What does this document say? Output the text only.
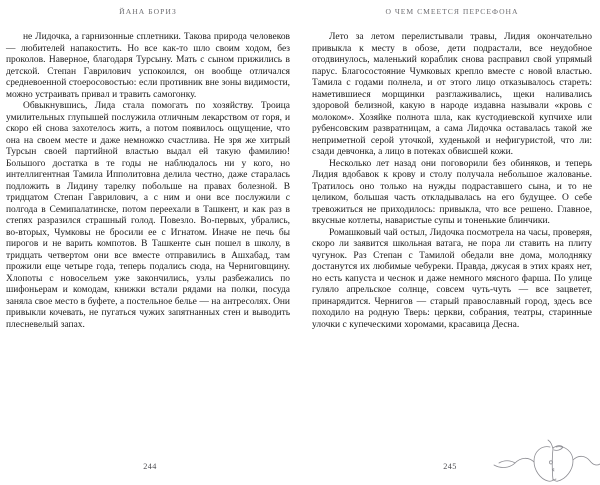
ЙАНА БОРИЗ

не Лидочка, а гарнизонные сплетники. Такова природа человеков — любителей напакостить. Но все как-то шло своим ходом, без проколов. Наверное, благодаря Турсыну. Мать с сыном прижились в детской. Степан Гаврилович успокоился, он вообще отличался средневоенной стоеросовостью: если противник вне зоны видимости, можно устраивать привал и травить самогонку.

Обвыкнувшись, Лида стала помогать по хозяйству. Троица умилительных глупышей послужила отличным лекарством от горя, и скоро ей снова захотелось жить, а потом появилось ощущение, что она на своем месте и даже немножко счастлива. Не зря же хитрый Турсын своей партийной властью выдал ей такую фамилию! Большого достатка в те годы не наблюдалось ни у кого, но интеллигентная Тамила Ипполитовна делила честно, даже старалась подложить в Лидину тарелку побольше на правах болезной. В тридцатом Степан Гаврилович, а с ним и они все послужили с полгода в Семипалатинске, потом переехали в Ташкент, и как раз в степях разразился страшный голод. Повезло. Во-первых, убрались, во-вторых, Чумковы не бросили ее с Игнатом. Иначе не печь бы пирогов и не варить компотов. В Ташкенте сын пошел в школу, в тридцать четвертом они все вместе отправились в Ашхабад, там прожили еще четыре года, теперь подались сюда, на Черниговщину. Хлопоты с новосельем уже закончились, узлы разбежались по шифоньерам и комодам, книжки встали рядами на полки, посуда заняла свое место в буфете, а постельное белье — на антресолях. Они привыкли кочевать, не пугаться чужих запятнанных стен и выводить плесневелый запах.

244
О ЧЕМ СМЕЕТСЯ ПЕРСЕФОНА

Лето за летом перелистывали травы, Лидия окончательно привыкла к месту в обозе, дети подрастали, все неудобное отодвинулось, маленький кораблик снова расправил свой упрямый парус. Благосостояние Чумковых крепло вместе с новой властью. Тамила с годами полнела, и от этого лицо отказывалось стареть: наметившиеся морщинки разглаживались, щеки наливались здоровой белизной, какую в народе издавна называли «кровь с молоком». Хозяйке полнота шла, как кустодиевской купчихе или рубенсовским развратницам, а сама Лидочка оставалась такой же неприметной серой уточкой, худенькой и нефигуристой, что ли: сзади девчонка, а лицо в потеках обвисшей кожи.

Несколько лет назад они поговорили без обиняков, и теперь Лидия вдобавок к крову и столу получала небольшое жалованье. Тратилось оно только на нужды подраставшего сына, и то не целиком, большая часть откладывалась на его будущее. О себе тревожиться не приходилось: привыкла, что все решено. Главное, вкусные котлеты, наваристые супы и тоненькие блинчики.

Ромашковый чай остыл, Лидочка посмотрела на часы, проверяя, скоро ли заявится школьная ватага, не пора ли ставить на плиту чугунок. Раз Степан с Тамилой обедали вне дома, молодняку достанутся их любимые чебуреки. Правда, джусая в этих краях нет, но есть капуста и чеснок и даже немного мясного фарша. По улице гуляло апрельское солнце, совсем чуть-чуть — все зацветет, принарядится. Чернигов — старый православный город, здесь все походило на родную Тверь: церкви, собрания, театры, старинные улочки с купеческими хоромами, красавица Десна.

245
